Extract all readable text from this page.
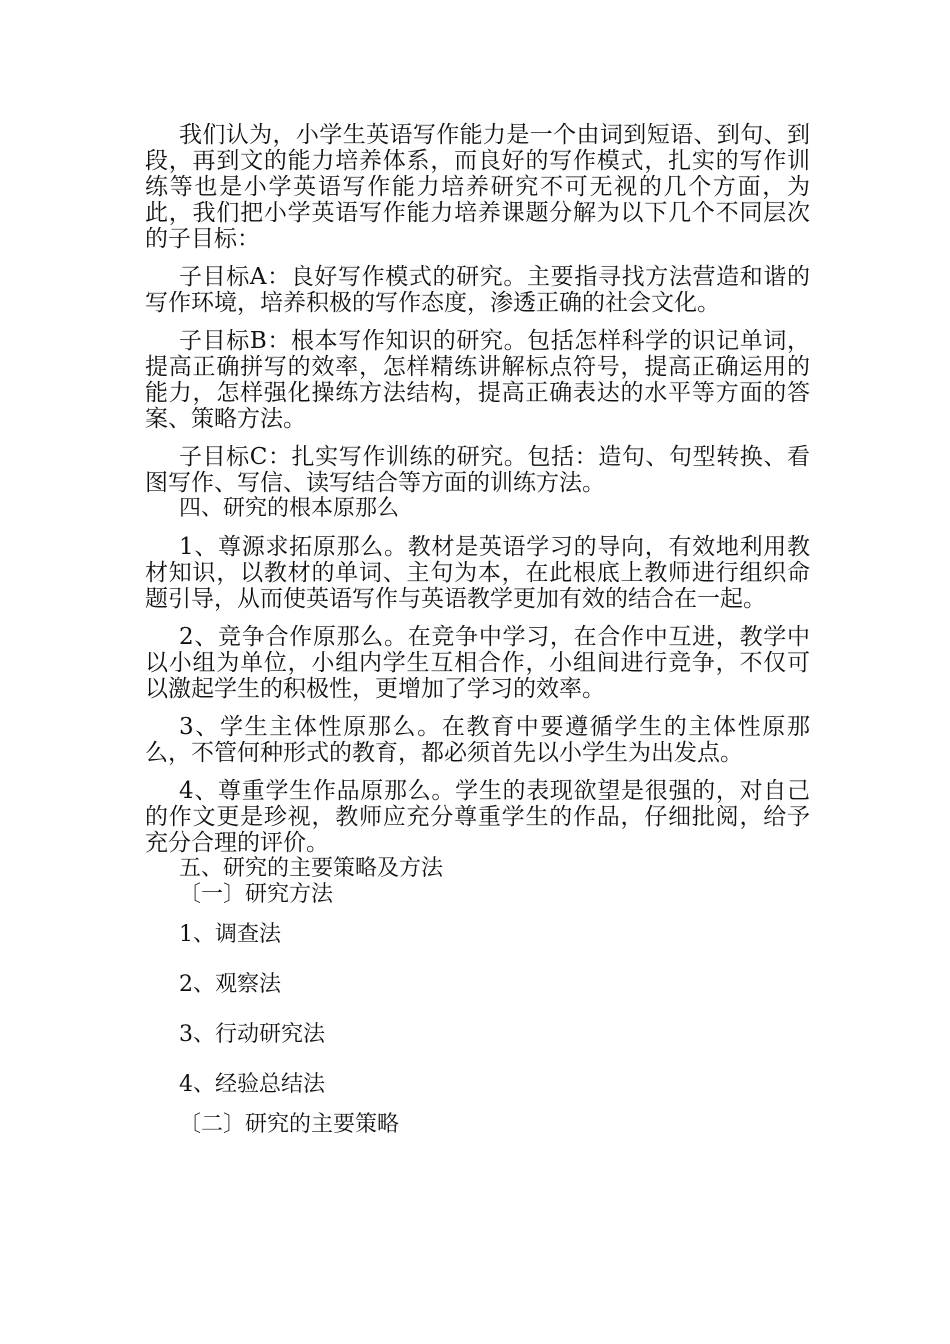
我们认为，小学生英语写作能力是一个由词到短语、到句、到段，再到文的能力培养体系，而良好的写作模式，扎实的写作训练等也是小学英语写作能力培养研究不可无视的几个方面，为此，我们把小学英语写作能力培养课题分解为以下几个不同层次的子目标：

子目标A：良好写作模式的研究。主要指寻找方法营造和谐的写作环境，培养积极的写作态度，渗透正确的社会文化。

子目标B：根本写作知识的研究。包括怎样科学的识记单词，提高正确拼写的效率，怎样精练讲解标点符号，提高正确运用的能力，怎样强化操练方法结构，提高正确表达的水平等方面的答案、策略方法。

子目标C：扎实写作训练的研究。包括：造句、句型转换、看图写作、写信、读写结合等方面的训练方法。

四、研究的根本原那么

1、尊源求拓原那么。教材是英语学习的导向，有效地利用教材知识，以教材的单词、主句为本，在此根底上教师进行组织命题引导，从而使英语写作与英语教学更加有效的结合在一起。

2、竞争合作原那么。在竞争中学习，在合作中互进，教学中以小组为单位，小组内学生互相合作，小组间进行竞争，不仅可以激起学生的积极性，更增加了学习的效率。

3、学生主体性原那么。在教育中要遵循学生的主体性原那么，不管何种形式的教育，都必须首先以小学生为出发点。

4、尊重学生作品原那么。学生的表现欲望是很强的，对自己的作文更是珍视，教师应充分尊重学生的作品，仔细批阅，给予充分合理的评价。

五、研究的主要策略及方法

〔一〕研究方法

1、调查法

2、观察法

3、行动研究法

4、经验总结法

〔二〕研究的主要策略
